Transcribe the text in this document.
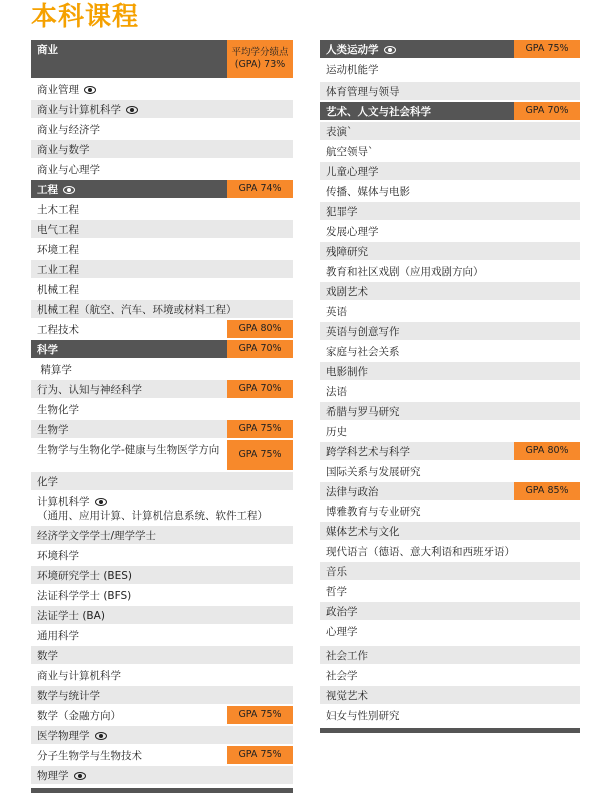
本科课程
商业	平均学分绩点 (GPA) 73%
商业管理
商业与计算机科学
商业与经济学
商业与数学
商业与心理学
工程	GPA 74%
土木工程
电气工程
环境工程
工业工程
机械工程
机械工程（航空、汽车、环境或材料工程）
工程技术	GPA 80%
科学	GPA 70%
精算学
行为、认知与神经科学	GPA 70%
生物化学
生物学	GPA 75%
生物学与生物化学-健康与生物医学方向	GPA 75%
化学
计算机科学
（通用、应用计算、计算机信息系统、软件工程）
经济学文学学士/理学学士
环境科学
环境研究学士 (BES)
法证科学学士 (BFS)
法证学士 (BA)
通用科学
数学
商业与计算机科学
数学与统计学
数学（金融方向）	GPA 75%
医学物理学
分子生物学与生物技术	GPA 75%
物理学
人类运动学	GPA 75%
运动机能学
体育管理与领导
艺术、人文与社会科学	GPA 70%
表演`
航空领导`
儿童心理学
传播、媒体与电影
犯罪学
发展心理学
残障研究
教育和社区戏剧（应用戏剧方向）
戏剧艺术
英语
英语与创意写作
家庭与社会关系
电影制作
法语
希腊与罗马研究
历史
跨学科艺术与科学	GPA 80%
国际关系与发展研究
法律与政治	GPA 85%
博雅教育与专业研究
媒体艺术与文化
现代语言（德语、意大利语和西班牙语）
音乐
哲学
政治学
心理学
社会工作
社会学
视觉艺术
妇女与性别研究
